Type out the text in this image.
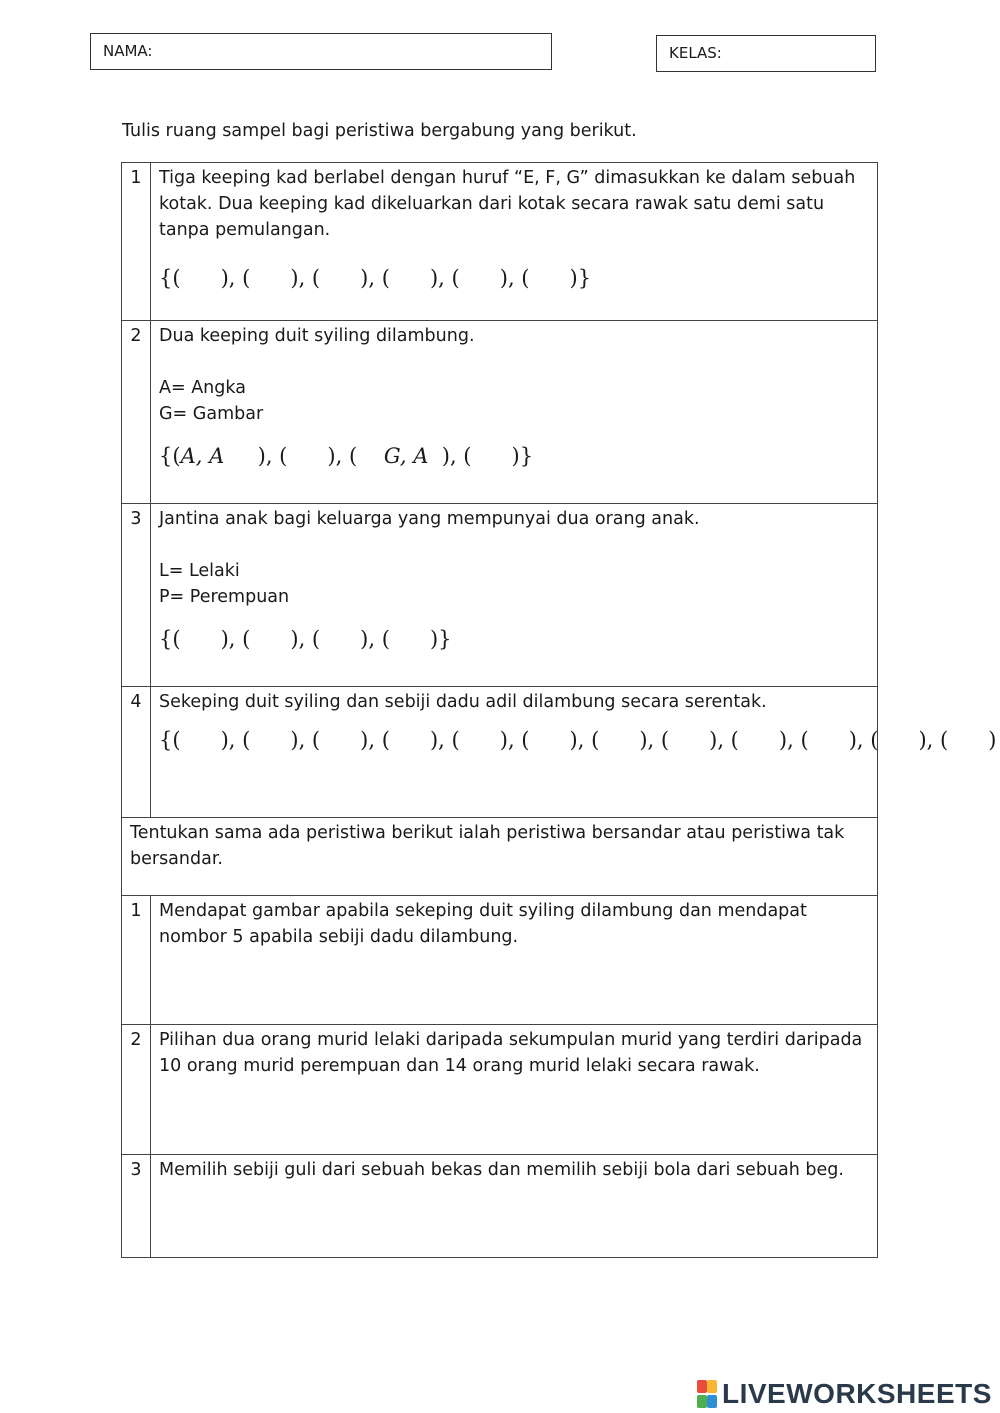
NAMA:	KELAS:
Tulis ruang sampel bagi peristiwa bergabung yang berikut.
1	Tiga keeping kad berlabel dengan huruf “E, F, G” dimasukkan ke dalam sebuah kotak. Dua keeping kad dikeluarkan dari kotak secara rawak satu demi satu tanpa pemulangan.

{(      ), (      ), (      ), (      ), (      ), (      )}

2	Dua keeping duit syiling dilambung.

A= Angka

G= Gambar

{(A, A     ), (      ), (    G, A  ), (      )}

3	Jantina anak bagi keluarga yang mempunyai dua orang anak.

L= Lelaki

P= Perempuan

{(      ), (      ), (      ), (      )}

4	Sekeping duit syiling dan sebiji dadu adil dilambung secara serentak.

{(      ), (      ), (      ), (      ), (      ), (      ), (      ), (      ), (      ), (      ), (      ), (      )

Tentukan sama ada peristiwa berikut ialah peristiwa bersandar atau peristiwa tak bersandar.	
1	Mendapat gambar apabila sekeping duit syiling dilambung dan mendapat nombor 5 apabila sebiji dadu dilambung.

2	Pilihan dua orang murid lelaki daripada sekumpulan murid yang terdiri daripada 10 orang murid perempuan dan 14 orang murid lelaki secara rawak.

3	Memilih sebiji guli dari sebuah bekas dan memilih sebiji bola dari sebuah beg.

LIVEWORKSHEETS
